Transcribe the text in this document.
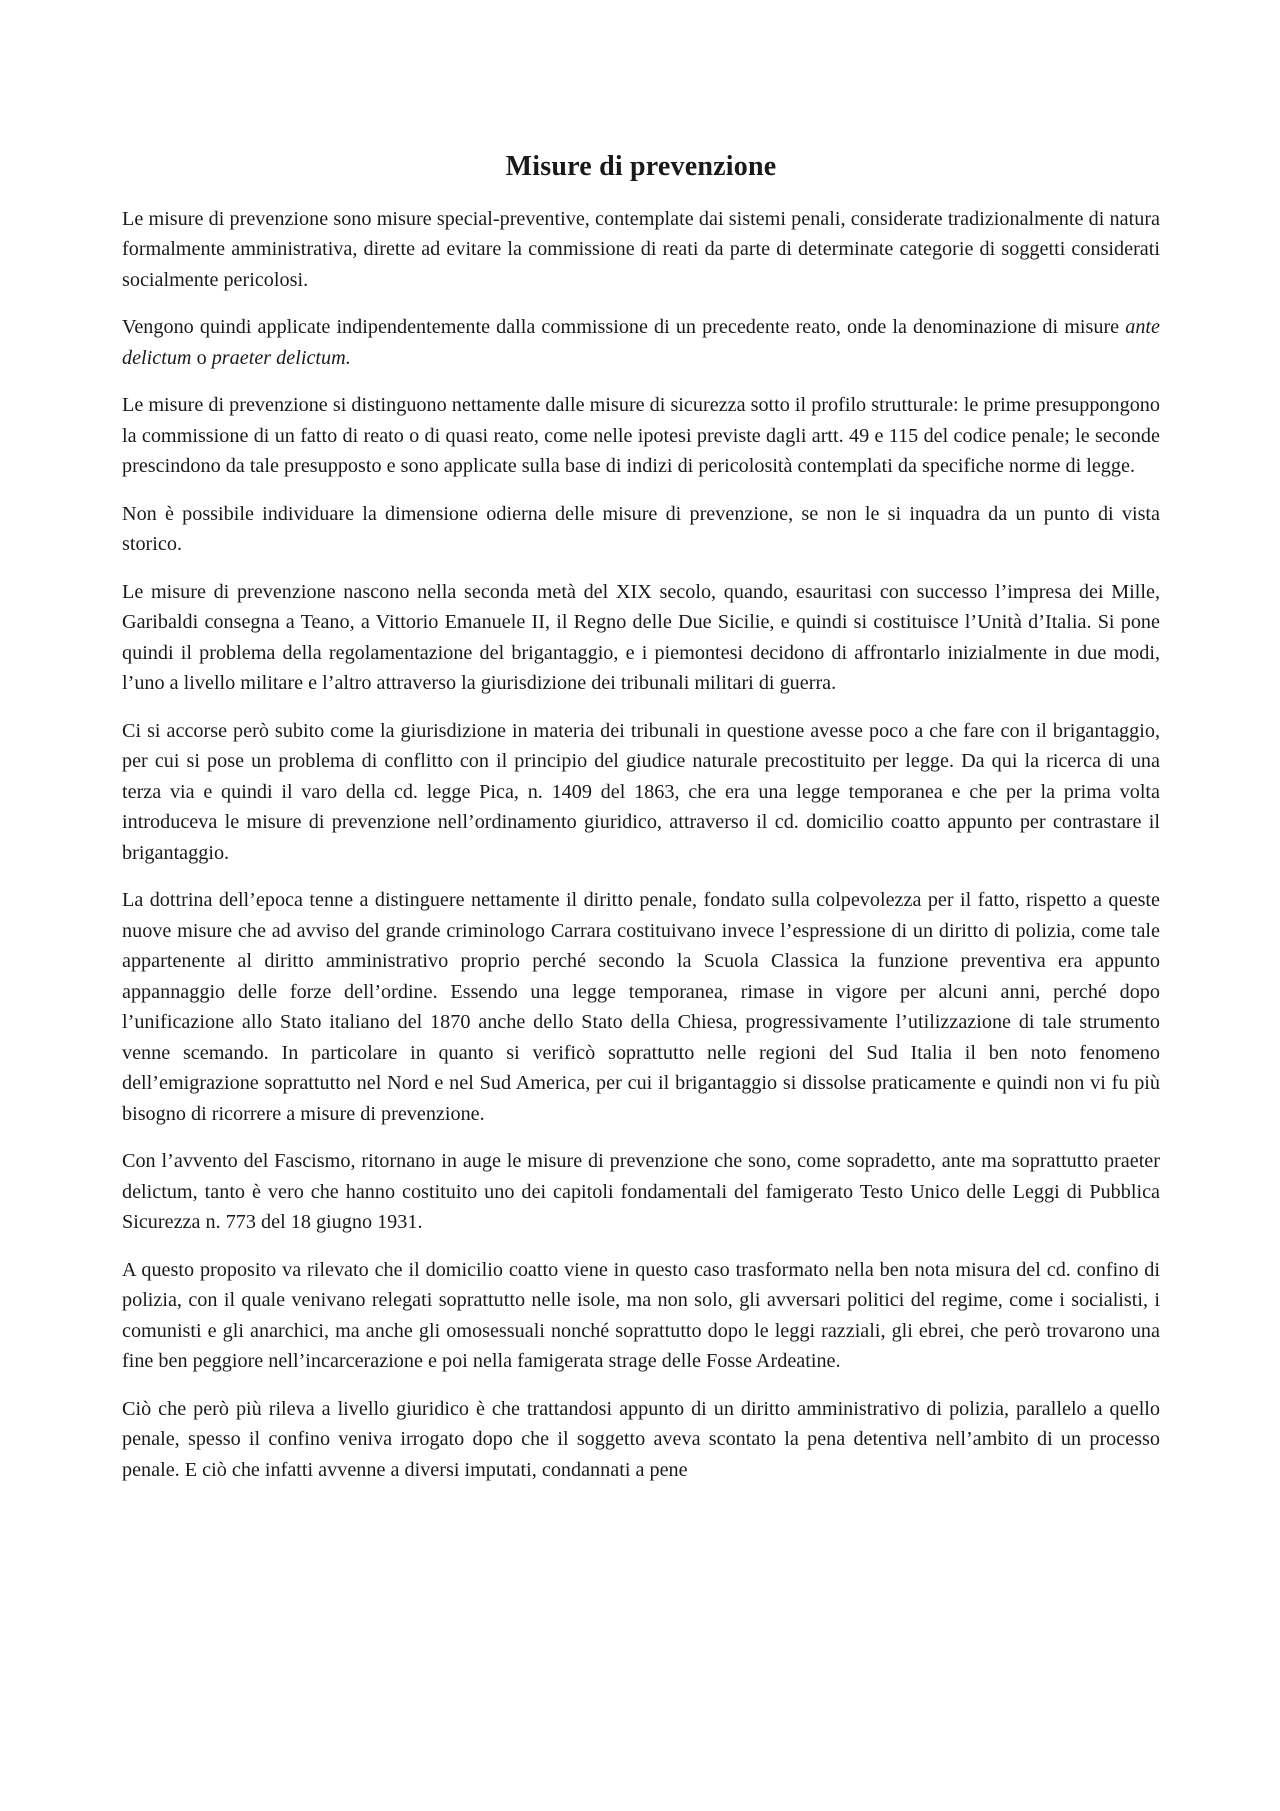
Misure di prevenzione

Le misure di prevenzione sono misure special-preventive, contemplate dai sistemi penali, considerate tradizionalmente di natura formalmente amministrativa, dirette ad evitare la commissione di reati da parte di determinate categorie di soggetti considerati socialmente pericolosi.

Vengono quindi applicate indipendentemente dalla commissione di un precedente reato, onde la denominazione di misure ante delictum o praeter delictum.

Le misure di prevenzione si distinguono nettamente dalle misure di sicurezza sotto il profilo strutturale: le prime presuppongono la commissione di un fatto di reato o di quasi reato, come nelle ipotesi previste dagli artt. 49 e 115 del codice penale; le seconde prescindono da tale presupposto e sono applicate sulla base di indizi di pericolosità contemplati da specifiche norme di legge.

Non è possibile individuare la dimensione odierna delle misure di prevenzione, se non le si inquadra da un punto di vista storico.

Le misure di prevenzione nascono nella seconda metà del XIX secolo, quando, esauritasi con successo l’impresa dei Mille, Garibaldi consegna a Teano, a Vittorio Emanuele II, il Regno delle Due Sicilie, e quindi si costituisce l’Unità d’Italia. Si pone quindi il problema della regolamentazione del brigantaggio, e i piemontesi decidono di affrontarlo inizialmente in due modi, l’uno a livello militare e l’altro attraverso la giurisdizione dei tribunali militari di guerra.

Ci si accorse però subito come la giurisdizione in materia dei tribunali in questione avesse poco a che fare con il brigantaggio, per cui si pose un problema di conflitto con il principio del giudice naturale precostituito per legge. Da qui la ricerca di una terza via e quindi il varo della cd. legge Pica, n. 1409 del 1863, che era una legge temporanea e che per la prima volta introduceva le misure di prevenzione nell’ordinamento giuridico, attraverso il cd. domicilio coatto appunto per contrastare il brigantaggio.

La dottrina dell’epoca tenne a distinguere nettamente il diritto penale, fondato sulla colpevolezza per il fatto, rispetto a queste nuove misure che ad avviso del grande criminologo Carrara costituivano invece l’espressione di un diritto di polizia, come tale appartenente al diritto amministrativo proprio perché secondo la Scuola Classica la funzione preventiva era appunto appannaggio delle forze dell’ordine. Essendo una legge temporanea, rimase in vigore per alcuni anni, perché dopo l’unificazione allo Stato italiano del 1870 anche dello Stato della Chiesa, progressivamente l’utilizzazione di tale strumento venne scemando. In particolare in quanto si verificò soprattutto nelle regioni del Sud Italia il ben noto fenomeno dell’emigrazione soprattutto nel Nord e nel Sud America, per cui il brigantaggio si dissolse praticamente e quindi non vi fu più bisogno di ricorrere a misure di prevenzione.

Con l’avvento del Fascismo, ritornano in auge le misure di prevenzione che sono, come sopradetto, ante ma soprattutto praeter delictum, tanto è vero che hanno costituito uno dei capitoli fondamentali del famigerato Testo Unico delle Leggi di Pubblica Sicurezza n. 773 del 18 giugno 1931.

A questo proposito va rilevato che il domicilio coatto viene in questo caso trasformato nella ben nota misura del cd. confino di polizia, con il quale venivano relegati soprattutto nelle isole, ma non solo, gli avversari politici del regime, come i socialisti, i comunisti e gli anarchici, ma anche gli omosessuali nonché soprattutto dopo le leggi razziali, gli ebrei, che però trovarono una fine ben peggiore nell’incarcerazione e poi nella famigerata strage delle Fosse Ardeatine.

Ciò che però più rileva a livello giuridico è che trattandosi appunto di un diritto amministrativo di polizia, parallelo a quello penale, spesso il confino veniva irrogato dopo che il soggetto aveva scontato la pena detentiva nell’ambito di un processo penale. E ciò che infatti avvenne a diversi imputati, condannati a pene
